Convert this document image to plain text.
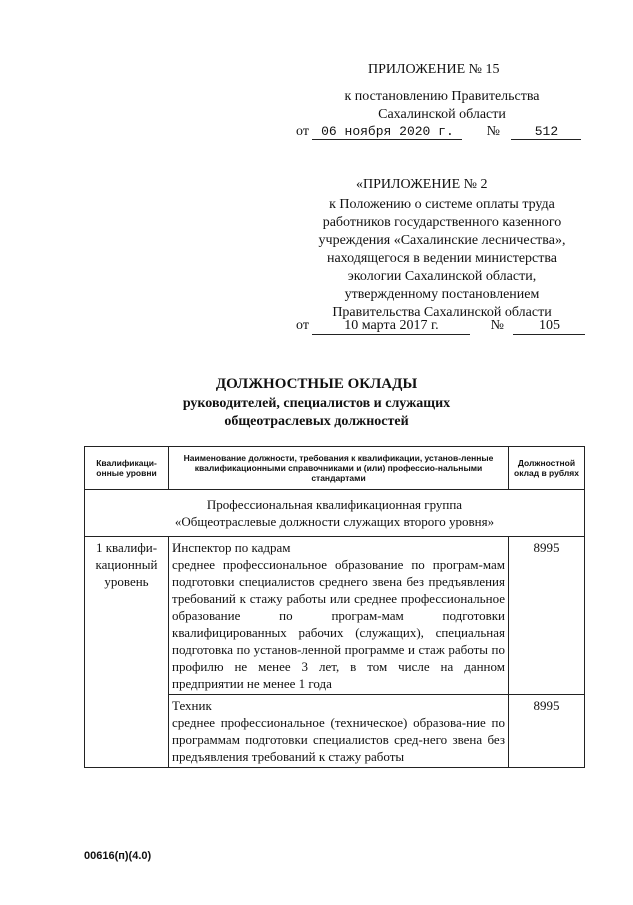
ПРИЛОЖЕНИЕ № 15
к постановлению Правительства
Сахалинской области
от 06 ноября 2020 г. №	512
«ПРИЛОЖЕНИЕ № 2
к Положению о системе оплаты труда
работников государственного казенного
учреждения «Сахалинские лесничества»,
находящегося в ведении министерства
экологии Сахалинской области,
утвержденному постановлением
Правительства Сахалинской области
от	10 марта 2017 г.	№	105
ДОЛЖНОСТНЫЕ ОКЛАДЫ
руководителей, специалистов и служащих
общеотраслевых должностей
Квалификаци-онные уровни	Наименование должности, требования к квалификации, установ-ленные квалификационными справочниками и (или) профессио-нальными стандартами	Должностной оклад в рублях

Профессиональная квалификационная группа
«Общеотраслевые должности служащих второго уровня»		

1 квалифи-кационный уровень	Инспектор по кадрам
среднее профессиональное образование по програм-мам подготовки специалистов среднего звена без предъявления требований к стажу работы или среднее профессиональное образование по програм-мам подготовки квалифицированных рабочих (служащих), специальная подготовка по установ-ленной программе и стаж работы по профилю не менее 3 лет, в том числе на данном предприятии не менее 1 года	8995

	Техник
среднее профессиональное (техническое) образова-ние по программам подготовки специалистов сред-него звена без предъявления требований к стажу работы	8995
00616(п)(4.0)
